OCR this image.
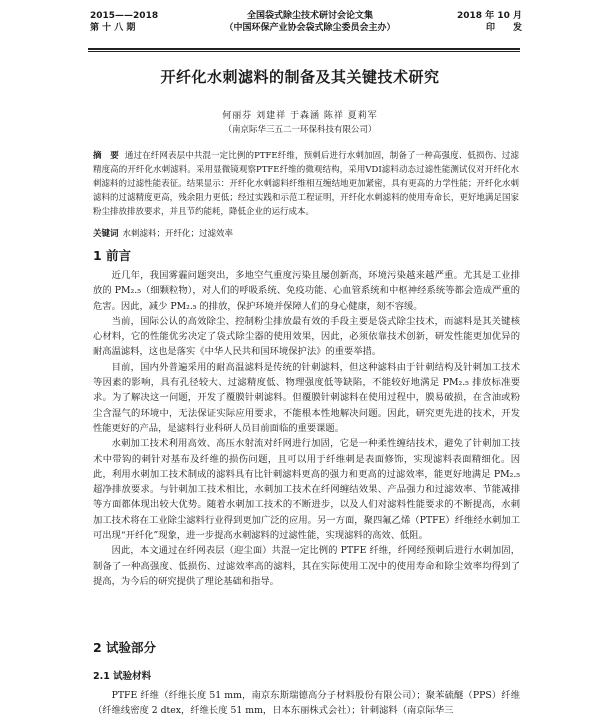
2015——2018
第 十 八 期
全国袋式除尘技术研讨会论文集
（中国环保产业协会袋式除尘委员会主办）
2018 年 10 月
印　　发
开纤化水刺滤料的制备及其关键技术研究
何丽芬 刘建祥 于森涵 陈祥 夏莉军
（南京际华三五二一环保科技有限公司）
摘　要 通过在纤网表层中共混一定比例的PTFE纤维，预刺后进行水刺加固，制备了一种高强度、低损伤、过滤精度高的开纤化水刺滤料。采用显微镜观察PTFE纤维的微观结构，采用VDI滤料动态过滤性能测试仪对开纤化水刺滤料的过滤性能表征。结果显示：开纤化水刺滤料纤维相互缠结地更加紧密，具有更高的力学性能；开纤化水刺滤料的过滤精度更高，残余阻力更低；经过实践和示范工程证明，开纤化水刺滤料的使用寿命长，更好地满足国家粉尘排放排放要求，并且节约能耗，降低企业的运行成本。
关键词 水刺滤料；开纤化；过滤效率
1 前言

近几年，我国雾霾问题突出，多地空气重度污染且屡创新高，环境污染越来越严重。尤其是工业排放的 PM₂.₅（细颗粒物），对人们的呼吸系统、免疫功能、心血管系统和中枢神经系统等都会造成严重的危害。因此，减少 PM₂.₅ 的排放，保护环境并保障人们的身心健康，刻不容缓。

当前，国际公认的高效除尘、控制粉尘排放最有效的手段主要是袋式除尘技术，而滤料是其关键核心材料，它的性能优劣决定了袋式除尘器的使用效果，因此，必须依靠技术创新，研发性能更加优异的耐高温滤料，这也是落实《中华人民共和国环境保护法》的重要举措。

目前，国内外普遍采用的耐高温滤料是传统的针刺滤料，但这种滤料由于针刺结构及针刺加工技术等因素的影响，具有孔径较大、过滤精度低、物理强度低等缺陷，不能较好地满足 PM₂.₅ 排放标准要求。为了解决这一问题，开发了覆膜针刺滤料。但覆膜针刺滤料在使用过程中，膜易破损，在含油或粉尘含湿气的环境中，无法保证实际应用要求，不能根本性地解决问题。因此，研究更先进的技术，开发性能更好的产品，是滤料行业科研人员目前面临的重要课题。

水刺加工技术利用高效、高压水射流对纤网进行加固，它是一种柔性缠结技术，避免了针刺加工技术中带钩的刺针对基布及纤维的损伤问题，且可以用于纤维刺是表面修饰，实现滤料表面精细化。因此，利用水刺加工技术制成的滤料具有比针刺滤料更高的强力和更高的过滤效率，能更好地满足 PM₂.₅ 超净排放要求。与针刺加工技术相比，水刺加工技术在纤网缠结效果、产品强力和过滤效率、节能减排等方面都体现出较大优势。随着水刺加工技术的不断进步，以及人们对滤料性能要求的不断提高，水刺加工技术将在工业除尘滤料行业得到更加广泛的应用。另一方面，聚四氟乙烯（PTFE）纤维经水刺加工可出现“开纤化”现象，进一步提高水刺滤料的过滤性能，实现滤料的高效、低阻。

因此，本文通过在纤网表层（迎尘面）共混一定比例的 PTFE 纤维，纤网经预刺后进行水刺加固，制备了一种高强度、低损伤、过滤效率高的滤料，其在实际使用工况中的使用寿命和除尘效率均得到了提高，为今后的研究提供了理论基础和指导。

2 试验部分
2.1 试验材料

PTFE 纤维（纤维长度 51 mm，南京东斯瑞德高分子材料股份有限公司）；聚苯硫醚（PPS）纤维（纤维线密度 2 dtex，纤维长度 51 mm，日本东丽株式会社）；针刺滤料（南京际华三
